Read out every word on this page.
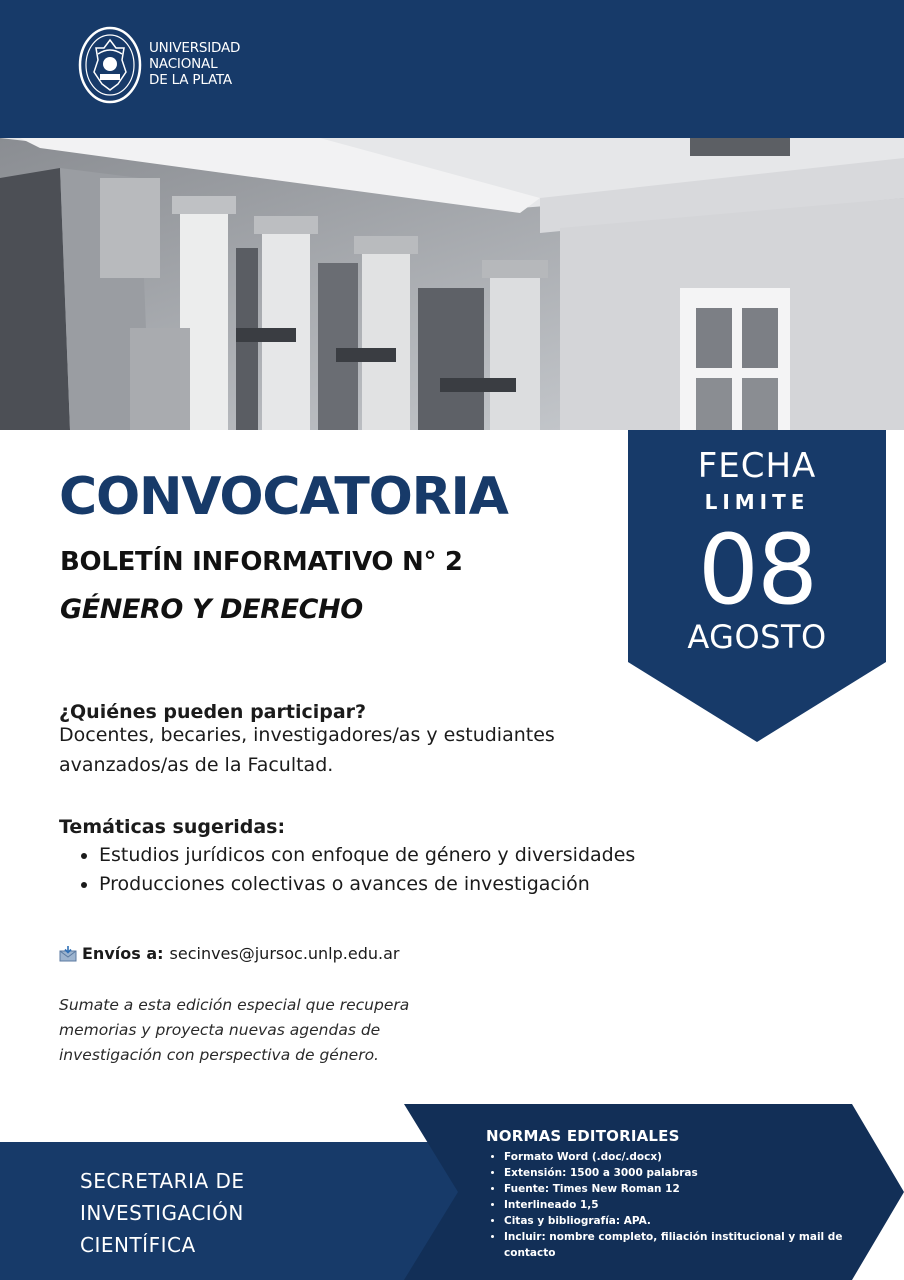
UNIVERSIDAD
NACIONAL
DE LA PLATA
CONVOCATORIA
BOLETÍN INFORMATIVO N° 2
GÉNERO Y DERECHO
FECHA
LIMITE
08
AGOSTO
¿Quiénes pueden participar?
Docentes, becaries, investigadores/as y estudiantes avanzados/as de la Facultad.
Temáticas sugeridas:
• Estudios jurídicos con enfoque de género y diversidades
• Producciones colectivas o avances de investigación
Envíos a: secinves@jursoc.unlp.edu.ar
Sumate a esta edición especial que recupera memorias y proyecta nuevas agendas de investigación con perspectiva de género.
SECRETARIA DE
INVESTIGACIÓN
CIENTÍFICA
NORMAS EDITORIALES
• Formato Word (.doc/.docx)
• Extensión: 1500 a 3000 palabras
• Fuente: Times New Roman 12
• Interlineado 1,5
• Citas y bibliografía: APA.
• Incluir: nombre completo, filiación institucional y mail de contacto
